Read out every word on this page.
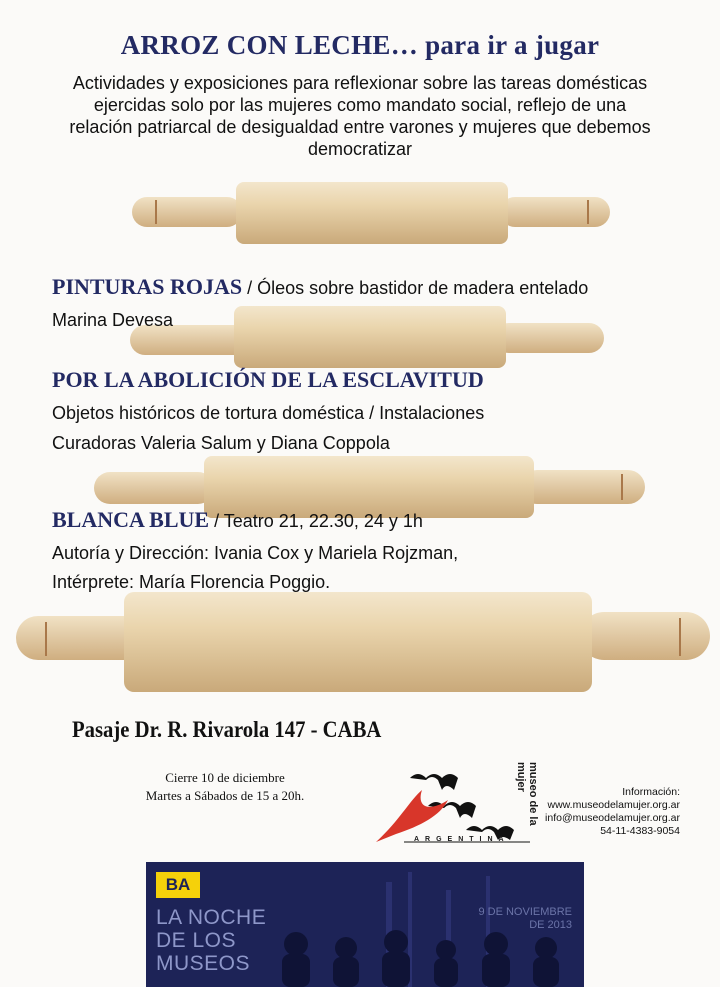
ARROZ CON LECHE… para ir a jugar
Actividades y exposiciones para reflexionar sobre las tareas domésticas ejercidas solo por las mujeres como mandato social, reflejo de una relación patriarcal de desigualdad entre varones y mujeres que debemos democratizar
PINTURAS ROJAS / Óleos sobre bastidor de madera entelado
Marina Devesa
POR LA ABOLICIÓN DE LA ESCLAVITUD
Objetos históricos de tortura doméstica / Instalaciones
Curadoras Valeria Salum y Diana Coppola
BLANCA BLUE / Teatro 21, 22.30, 24 y 1h
Autoría y Dirección: Ivania Cox y Mariela Rojzman,
Intérprete: María Florencia Poggio.
Pasaje Dr. R. Rivarola 147 - CABA
Cierre 10 de diciembre
Martes a Sábados de 15 a 20h.
ARGENTINA
museo de la mujer
Información:
www.museodelamujer.org.ar
info@museodelamujer.org.ar
54-11-4383-9054
BA
LA NOCHE
DE LOS
MUSEOS
9 DE NOVIEMBRE
DE 2013
